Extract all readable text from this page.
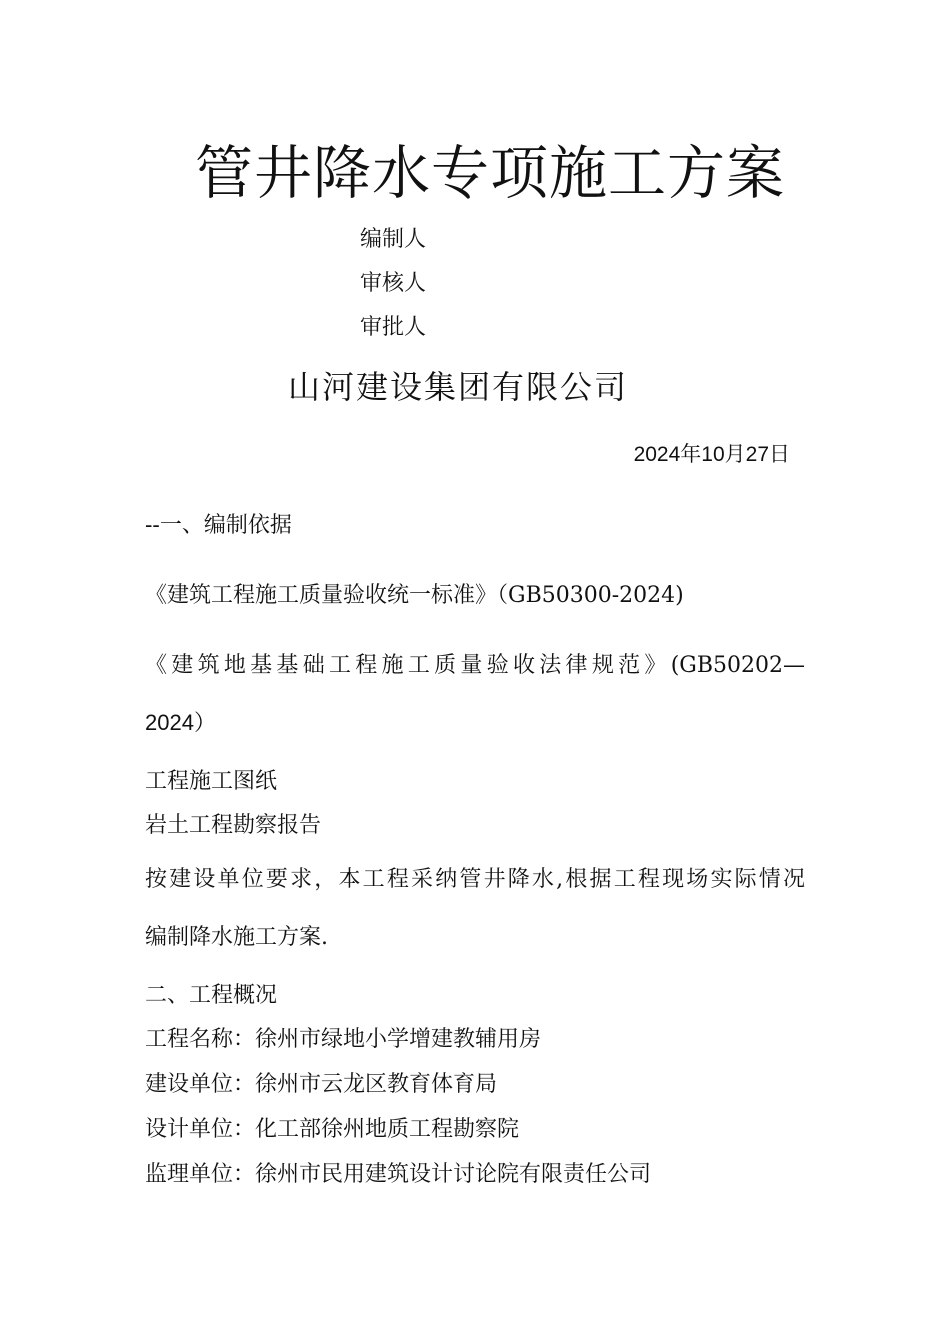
管井降水专项施工方案
编制人
审核人
审批人
山河建设集团有限公司
2024年10月27日
--一、编制依据
《建筑工程施工质量验收统一标准》（GB50300-2024)
《建筑地基基础工程施工质量验收法律规范》(GB50202—
2024）
工程施工图纸
岩土工程勘察报告
按建设单位要求，本工程采纳管井降水,根据工程现场实际情况
编制降水施工方案.
二、工程概况
工程名称：徐州市绿地小学增建教辅用房
建设单位：徐州市云龙区教育体育局
设计单位：化工部徐州地质工程勘察院
监理单位：徐州市民用建筑设计讨论院有限责任公司
